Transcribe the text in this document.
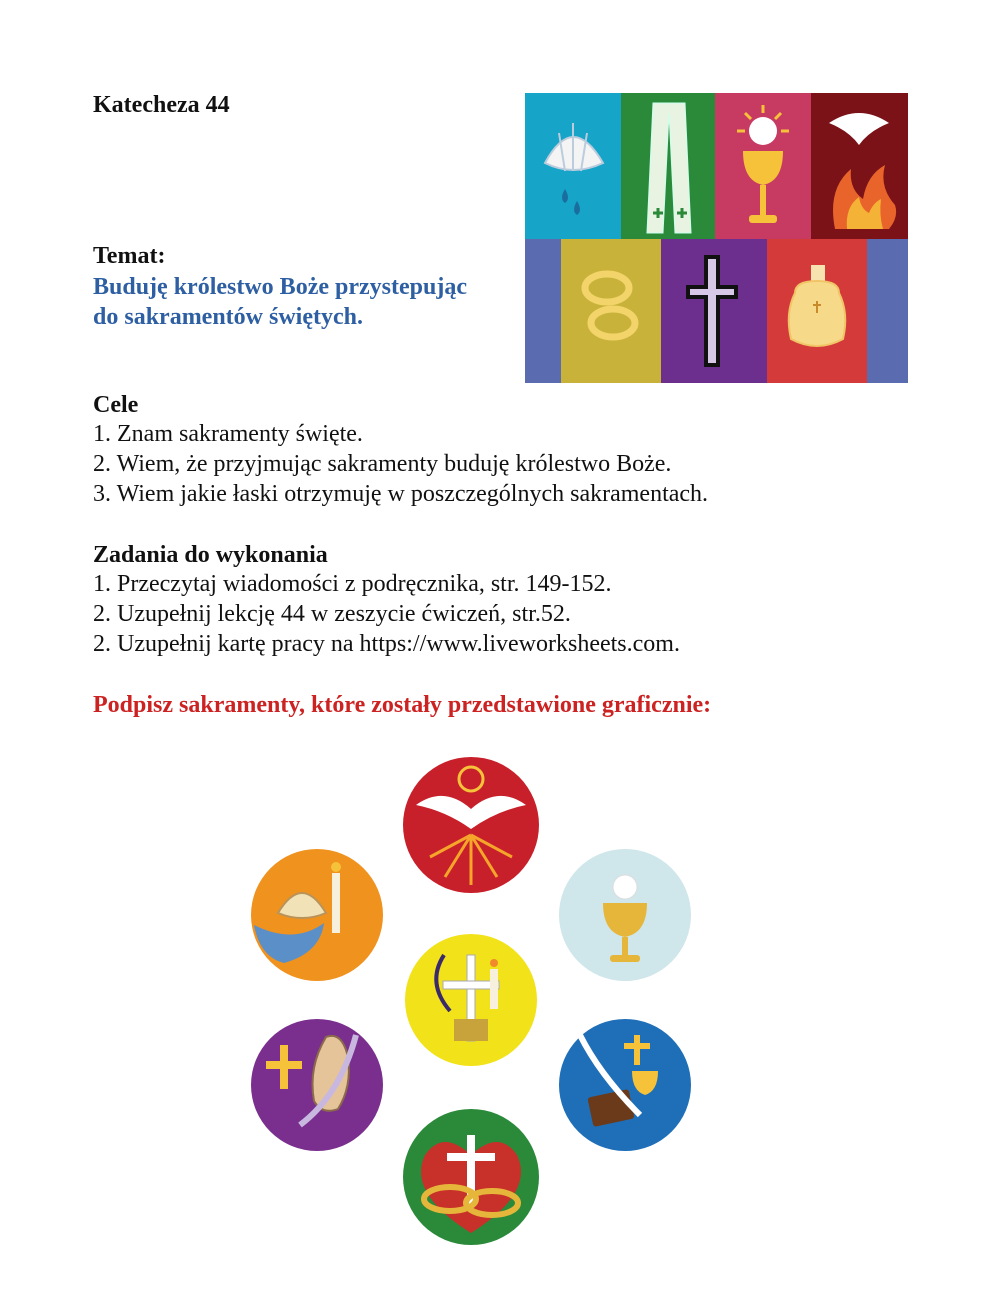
Katecheza 44
Temat:
Buduję królestwo Boże przystepując
do sakramentów świętych.
Cele
1. Znam sakramenty święte.
2. Wiem, że przyjmując sakramenty buduję królestwo Boże.
3. Wiem jakie łaski otrzymuję w poszczególnych sakramentach.
Zadania do wykonania
1. Przeczytaj wiadomości z podręcznika, str. 149-152.
2. Uzupełnij lekcję 44 w zeszycie ćwiczeń, str.52.
2. Uzupełnij kartę pracy na https://www.liveworksheets.com.
Podpisz sakramenty, które zostały przedstawione graficznie:
